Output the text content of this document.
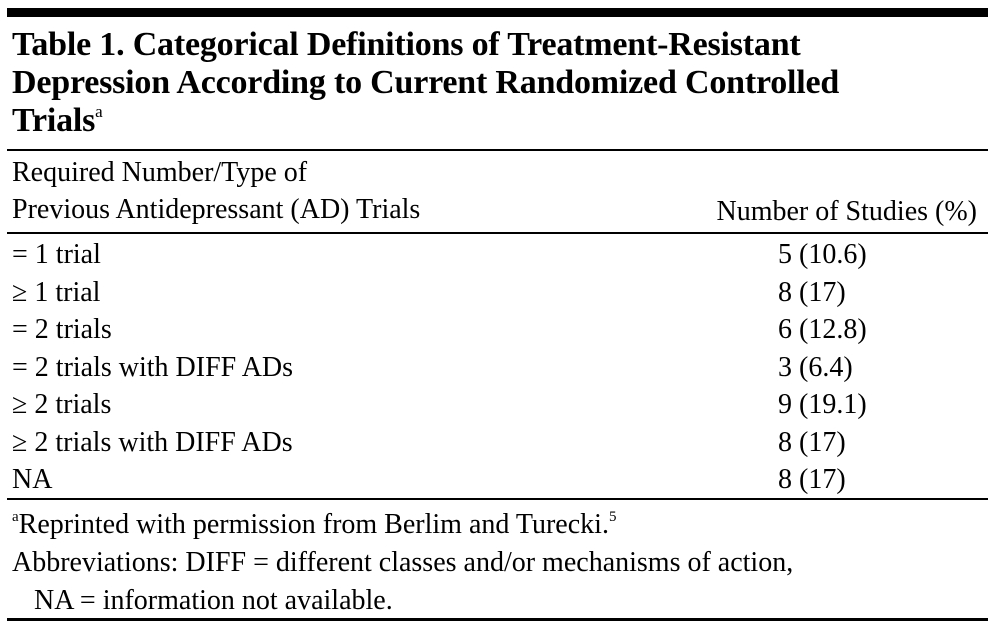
Table 1. Categorical Definitions of Treatment-Resistant
Depression According to Current Randomized Controlled
Trials$^a$
Required Number/Type of
Previous Antidepressant (AD) Trials	Number of Studies (%)
= 1 trial	5 (10.6)
≥ 1 trial	8 (17)
= 2 trials	6 (12.8)
= 2 trials with DIFF ADs	3 (6.4)
≥ 2 trials	9 (19.1)
≥ 2 trials with DIFF ADs	8 (17)
NA	8 (17)
$^a$Reprinted with permission from Berlim and Turecki.$^5$
Abbreviations: DIFF = different classes and/or mechanisms of action,
NA = information not available.
